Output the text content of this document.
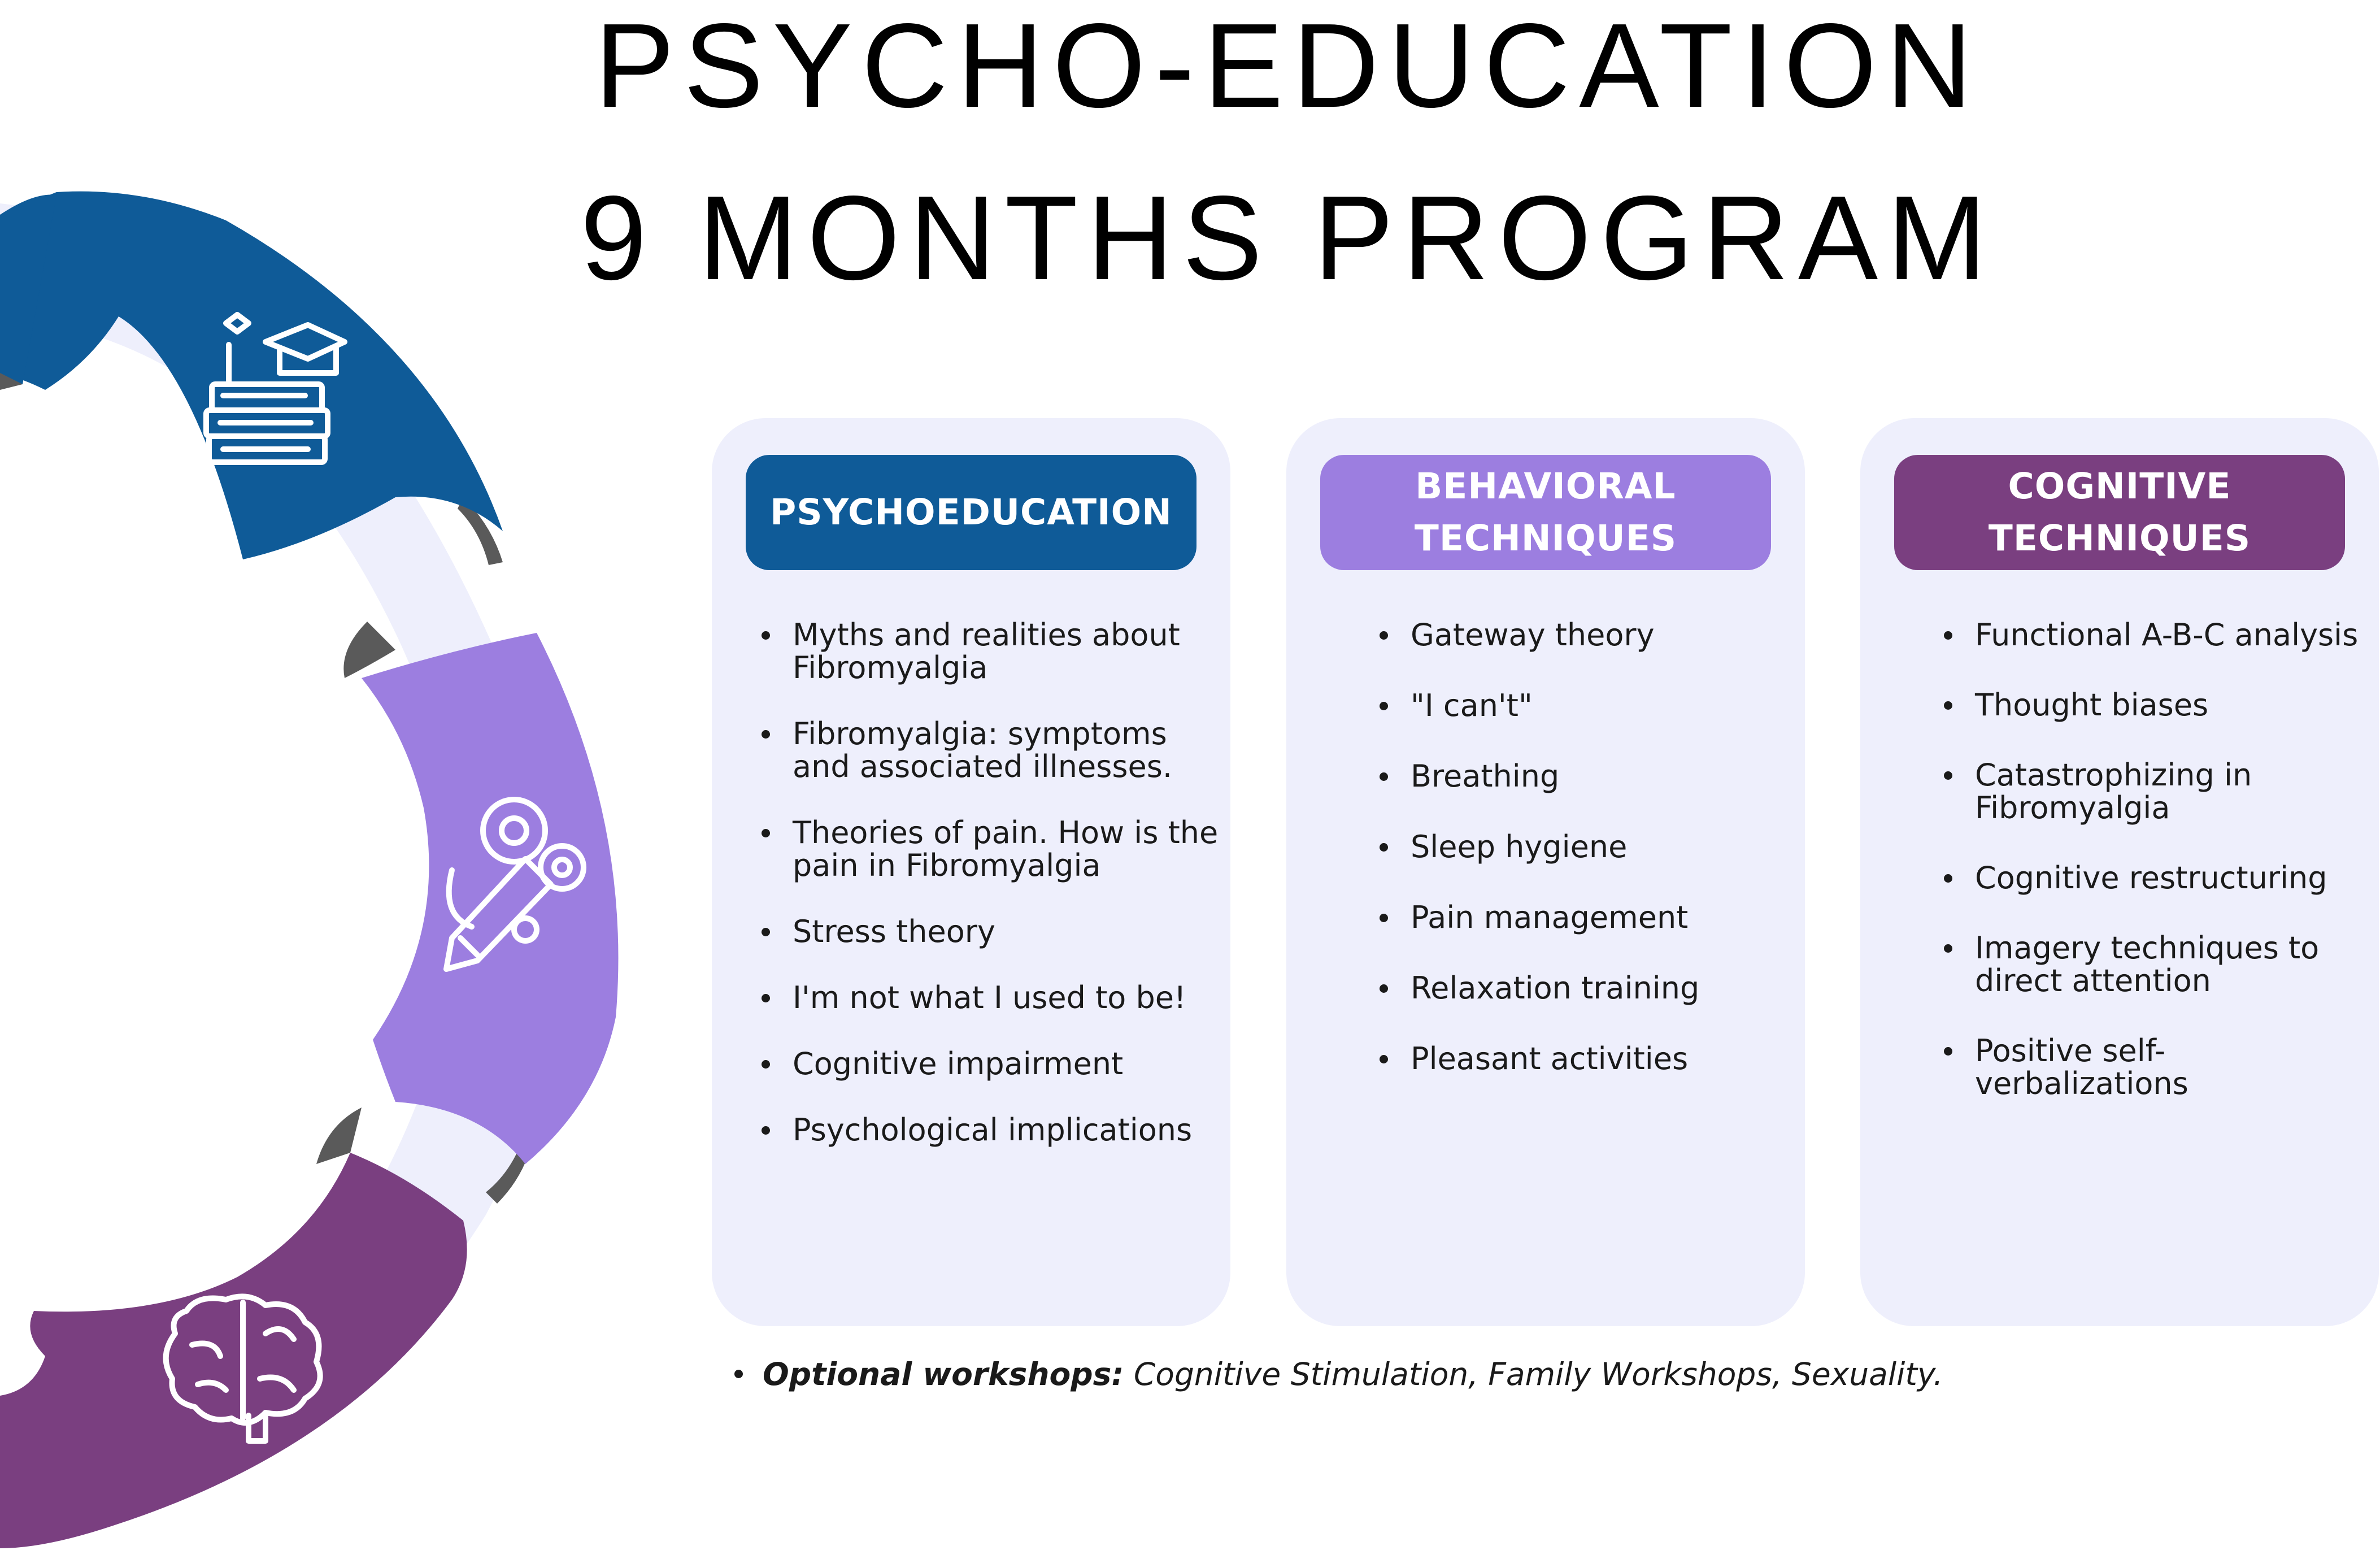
PSYCHO-EDUCATION
9 MONTHS PROGRAM
PSYCHOEDUCATION
Myths and realities about Fibromyalgia
Fibromyalgia: symptoms and associated illnesses.
Theories of pain. How is the pain in Fibromyalgia
Stress theory
I'm not what I used to be!
Cognitive impairment
Psychological implications
BEHAVIORAL
TECHNIQUES
Gateway theory
"I can't"
Breathing
Sleep hygiene
Pain management
Relaxation training
Pleasant activities
COGNITIVE
TECHNIQUES
Functional A-B-C analysis
Thought biases
Catastrophizing in Fibromyalgia
Cognitive restructuring
Imagery techniques to direct attention
Positive self-verbalizations
Optional workshops: Cognitive Stimulation, Family Workshops, Sexuality.
